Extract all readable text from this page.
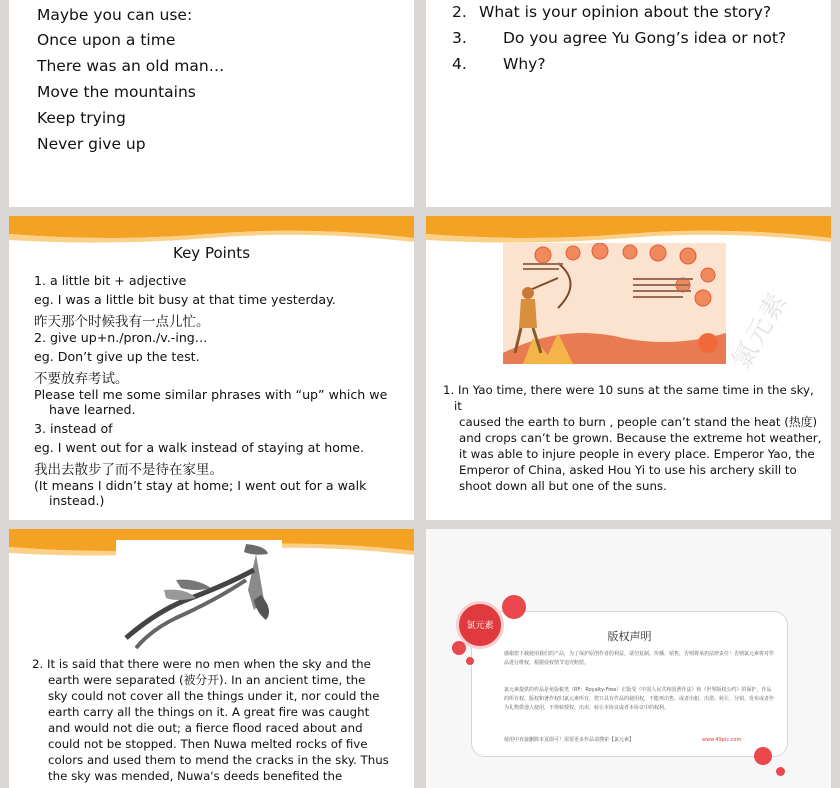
Maybe you can use:
Once upon a time
There was an old man…
Move the mountains
Keep trying
Never give up
2. What is your opinion about the story?
3. Do you agree Yu Gong’s idea or not?
4. Why?
Key Points
1. a little bit + adjective
eg. I was a little bit busy at that time yesterday.
昨天那个时候我有一点儿忙。
2. give up+n./pron./v.-ing…
eg. Don’t give up the test.
不要放弃考试。
Please tell me some similar phrases with “up” which we
have learned.
3. instead of
eg. I went out for a walk instead of staying at home.
我出去散步了而不是待在家里。
(It means I didn’t stay at home; I went out for a walk
instead.)
氯元素
1. In Yao time, there were 10 suns at the same time in the sky, it
caused the earth to burn , people can’t stand the heat (热度)
and crops can’t be grown. Because the extreme hot weather,
it was able to injure people in every place. Emperor Yao, the
Emperor of China, asked Hou Yi to use his archery skill to
shoot down all but one of the suns.
2. It is said that there were no men when the sky and the
earth were separated (被分开). In an ancient time, the
sky could not cover all the things under it, nor could the
earth carry all the things on it. A great fire was caught
and would not die out; a fierce flood raced about and
could not be stopped. Then Nuwa melted rocks of five
colors and used them to mend the cracks in the sky. Thus
the sky was mended, Nuwa's deeds benefited the
版权声明
感谢您下载使用我们的产品，为了保护原创作者的利益，请勿复制、传播、销售，否则将承担法律责任！否则氯元素将对作品进行维权，根据侵权情节追究赔偿。
氯元素提供的作品是免版税类（RF：Royalty-Free）正版受《中国人民共和国著作法》和《世界版权公约》的保护，作品的所有权、版权和著作权归氯元素所有，您只具有作品的使用权，不能再出售，或者出租、出借、转让、分销、发布或者作为礼物供他人使用，不得转授权、出卖、转让本协议或者本协议中的权利。
使用中直接删除本页即可！需要更多作品请搜索【氯元素】	www.49pic.com
氯元素
